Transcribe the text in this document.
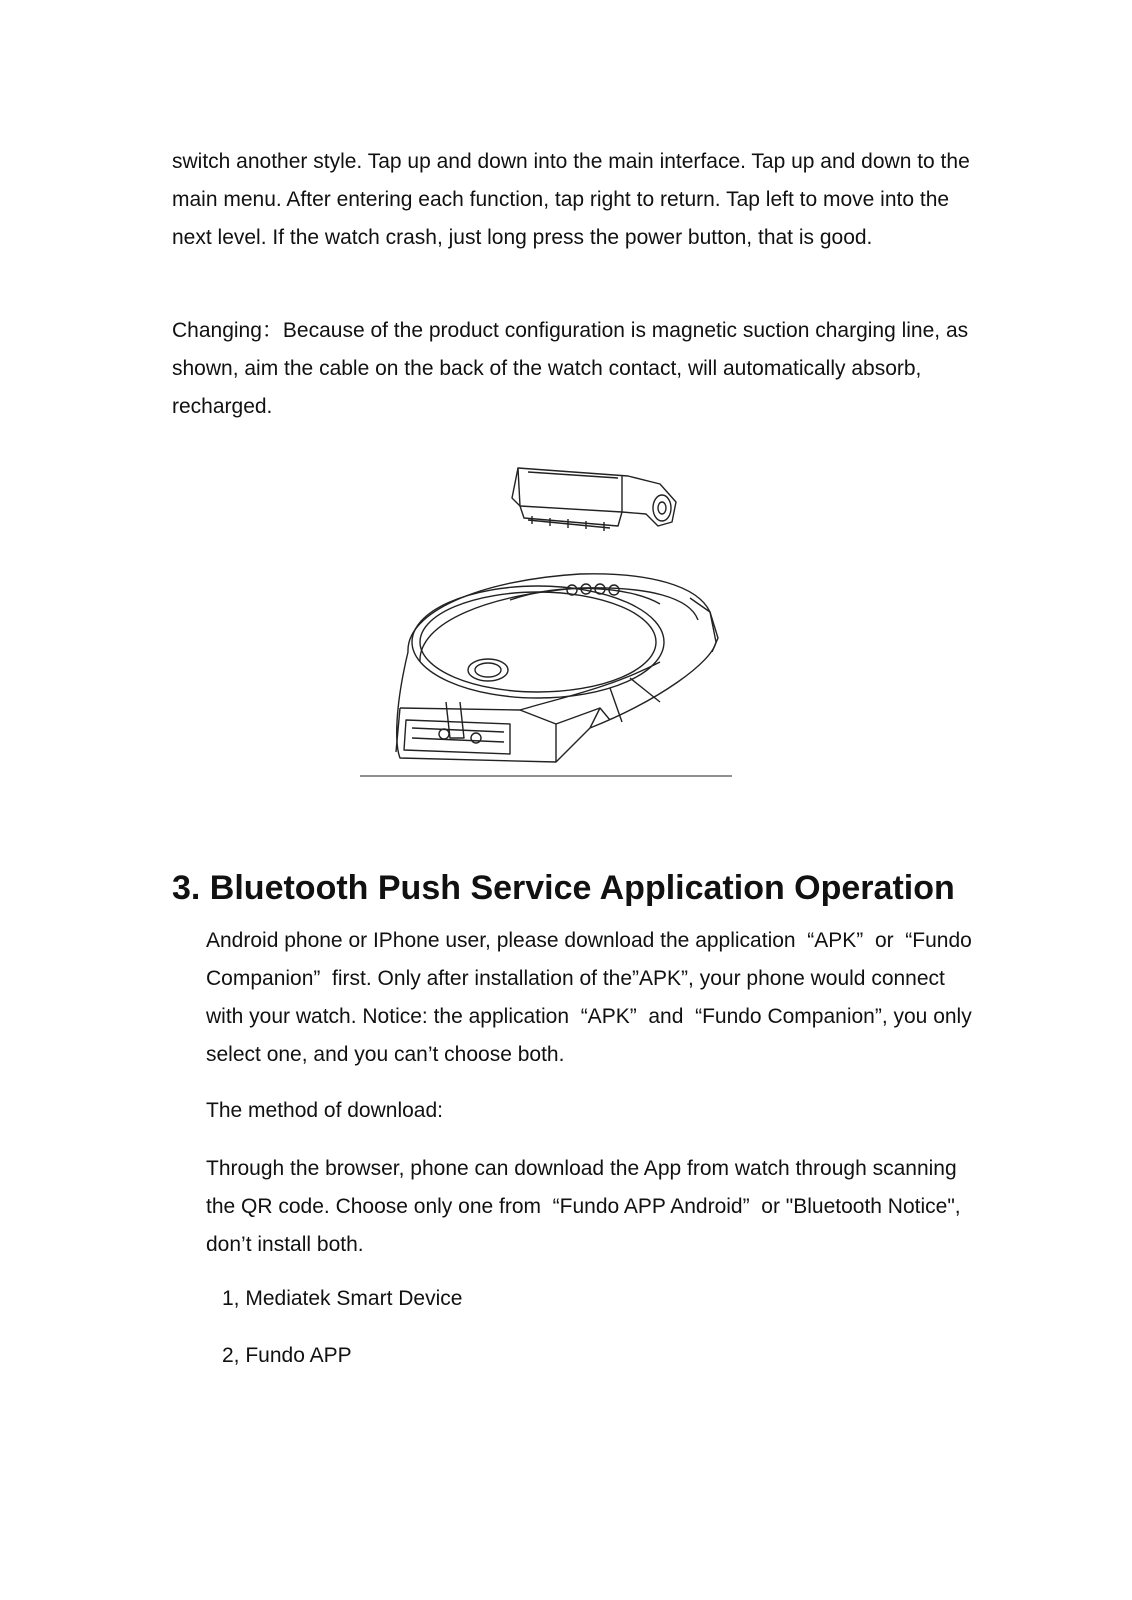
switch another style. Tap up and down into the main interface. Tap up and down to the main menu. After entering each function, tap right to return. Tap left to move into the next level. If the watch crash, just long press the power button, that is good.

Changing：Because of the product configuration is magnetic suction charging line, as shown, aim the cable on the back of the watch contact, will automatically absorb, recharged.

3. Bluetooth Push Service Application Operation

Android phone or IPhone user, please download the application  “APK”  or  “Fundo Companion”  first. Only after installation of the”APK”, your phone would connect with your watch. Notice: the application  “APK”  and  “Fundo Companion”, you only select one, and you can’t choose both.

The method of download:

Through the browser, phone can download the App from watch through scanning the QR code. Choose only one from  “Fundo APP Android”  or "Bluetooth Notice", don’t install both.

1, Mediatek Smart Device

2, Fundo APP
